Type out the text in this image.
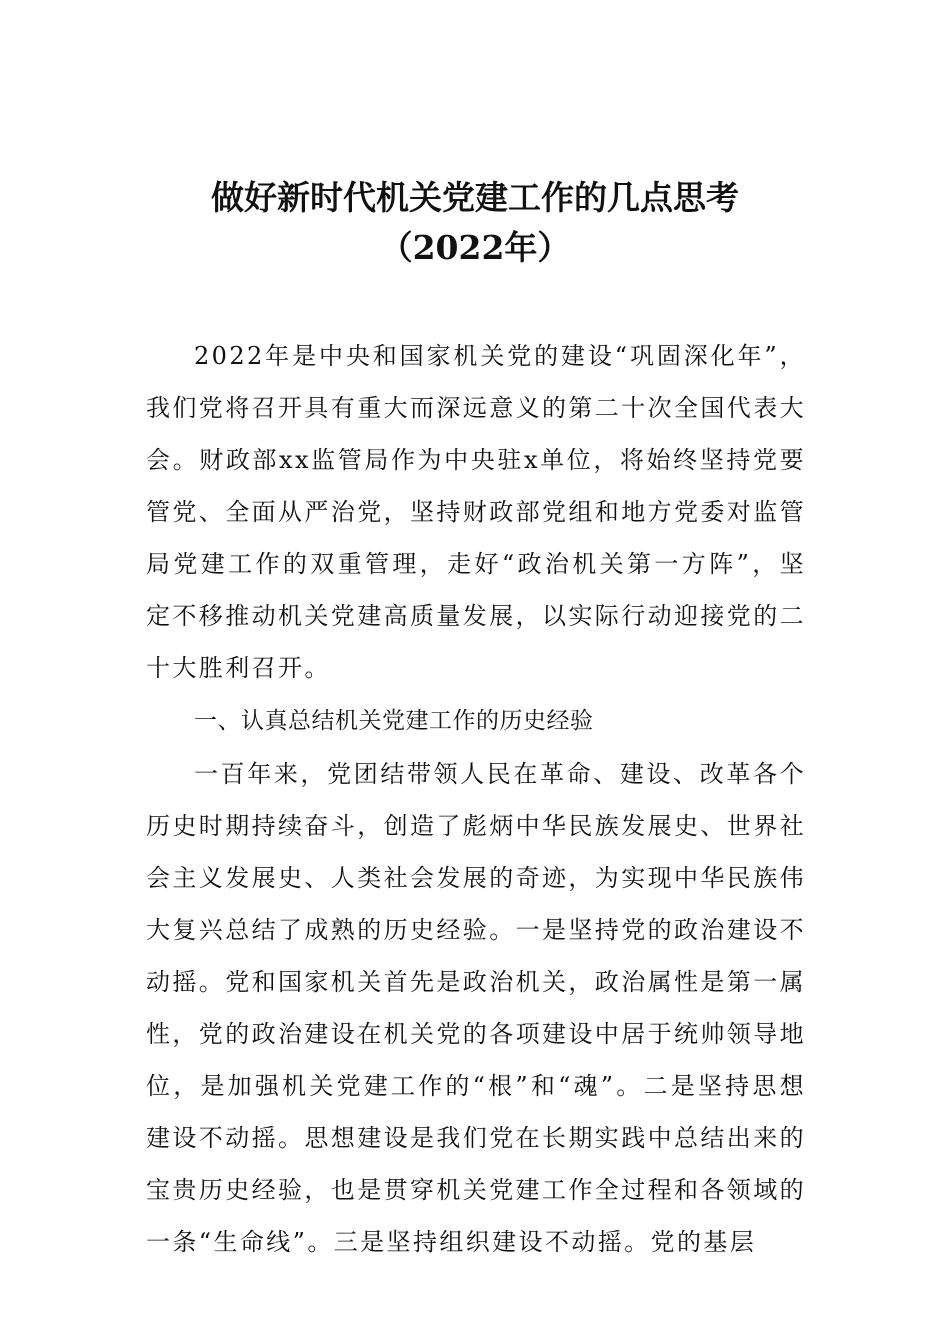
做好新时代机关党建工作的几点思考
（2022年）

2022年是中央和国家机关党的建设“巩固深化年”，我们党将召开具有重大而深远意义的第二十次全国代表大会。财政部xx监管局作为中央驻x单位，将始终坚持党要管党、全面从严治党，坚持财政部党组和地方党委对监管局党建工作的双重管理，走好“政治机关第一方阵”，坚定不移推动机关党建高质量发展，以实际行动迎接党的二十大胜利召开。

一、认真总结机关党建工作的历史经验

一百年来，党团结带领人民在革命、建设、改革各个历史时期持续奋斗，创造了彪炳中华民族发展史、世界社会主义发展史、人类社会发展的奇迹，为实现中华民族伟大复兴总结了成熟的历史经验。一是坚持党的政治建设不动摇。党和国家机关首先是政治机关，政治属性是第一属性，党的政治建设在机关党的各项建设中居于统帅领导地位，是加强机关党建工作的“根”和“魂”。二是坚持思想建设不动摇。思想建设是我们党在长期实践中总结出来的宝贵历史经验，也是贯穿机关党建工作全过程和各领域的一条“生命线”。三是坚持组织建设不动摇。党的基层
